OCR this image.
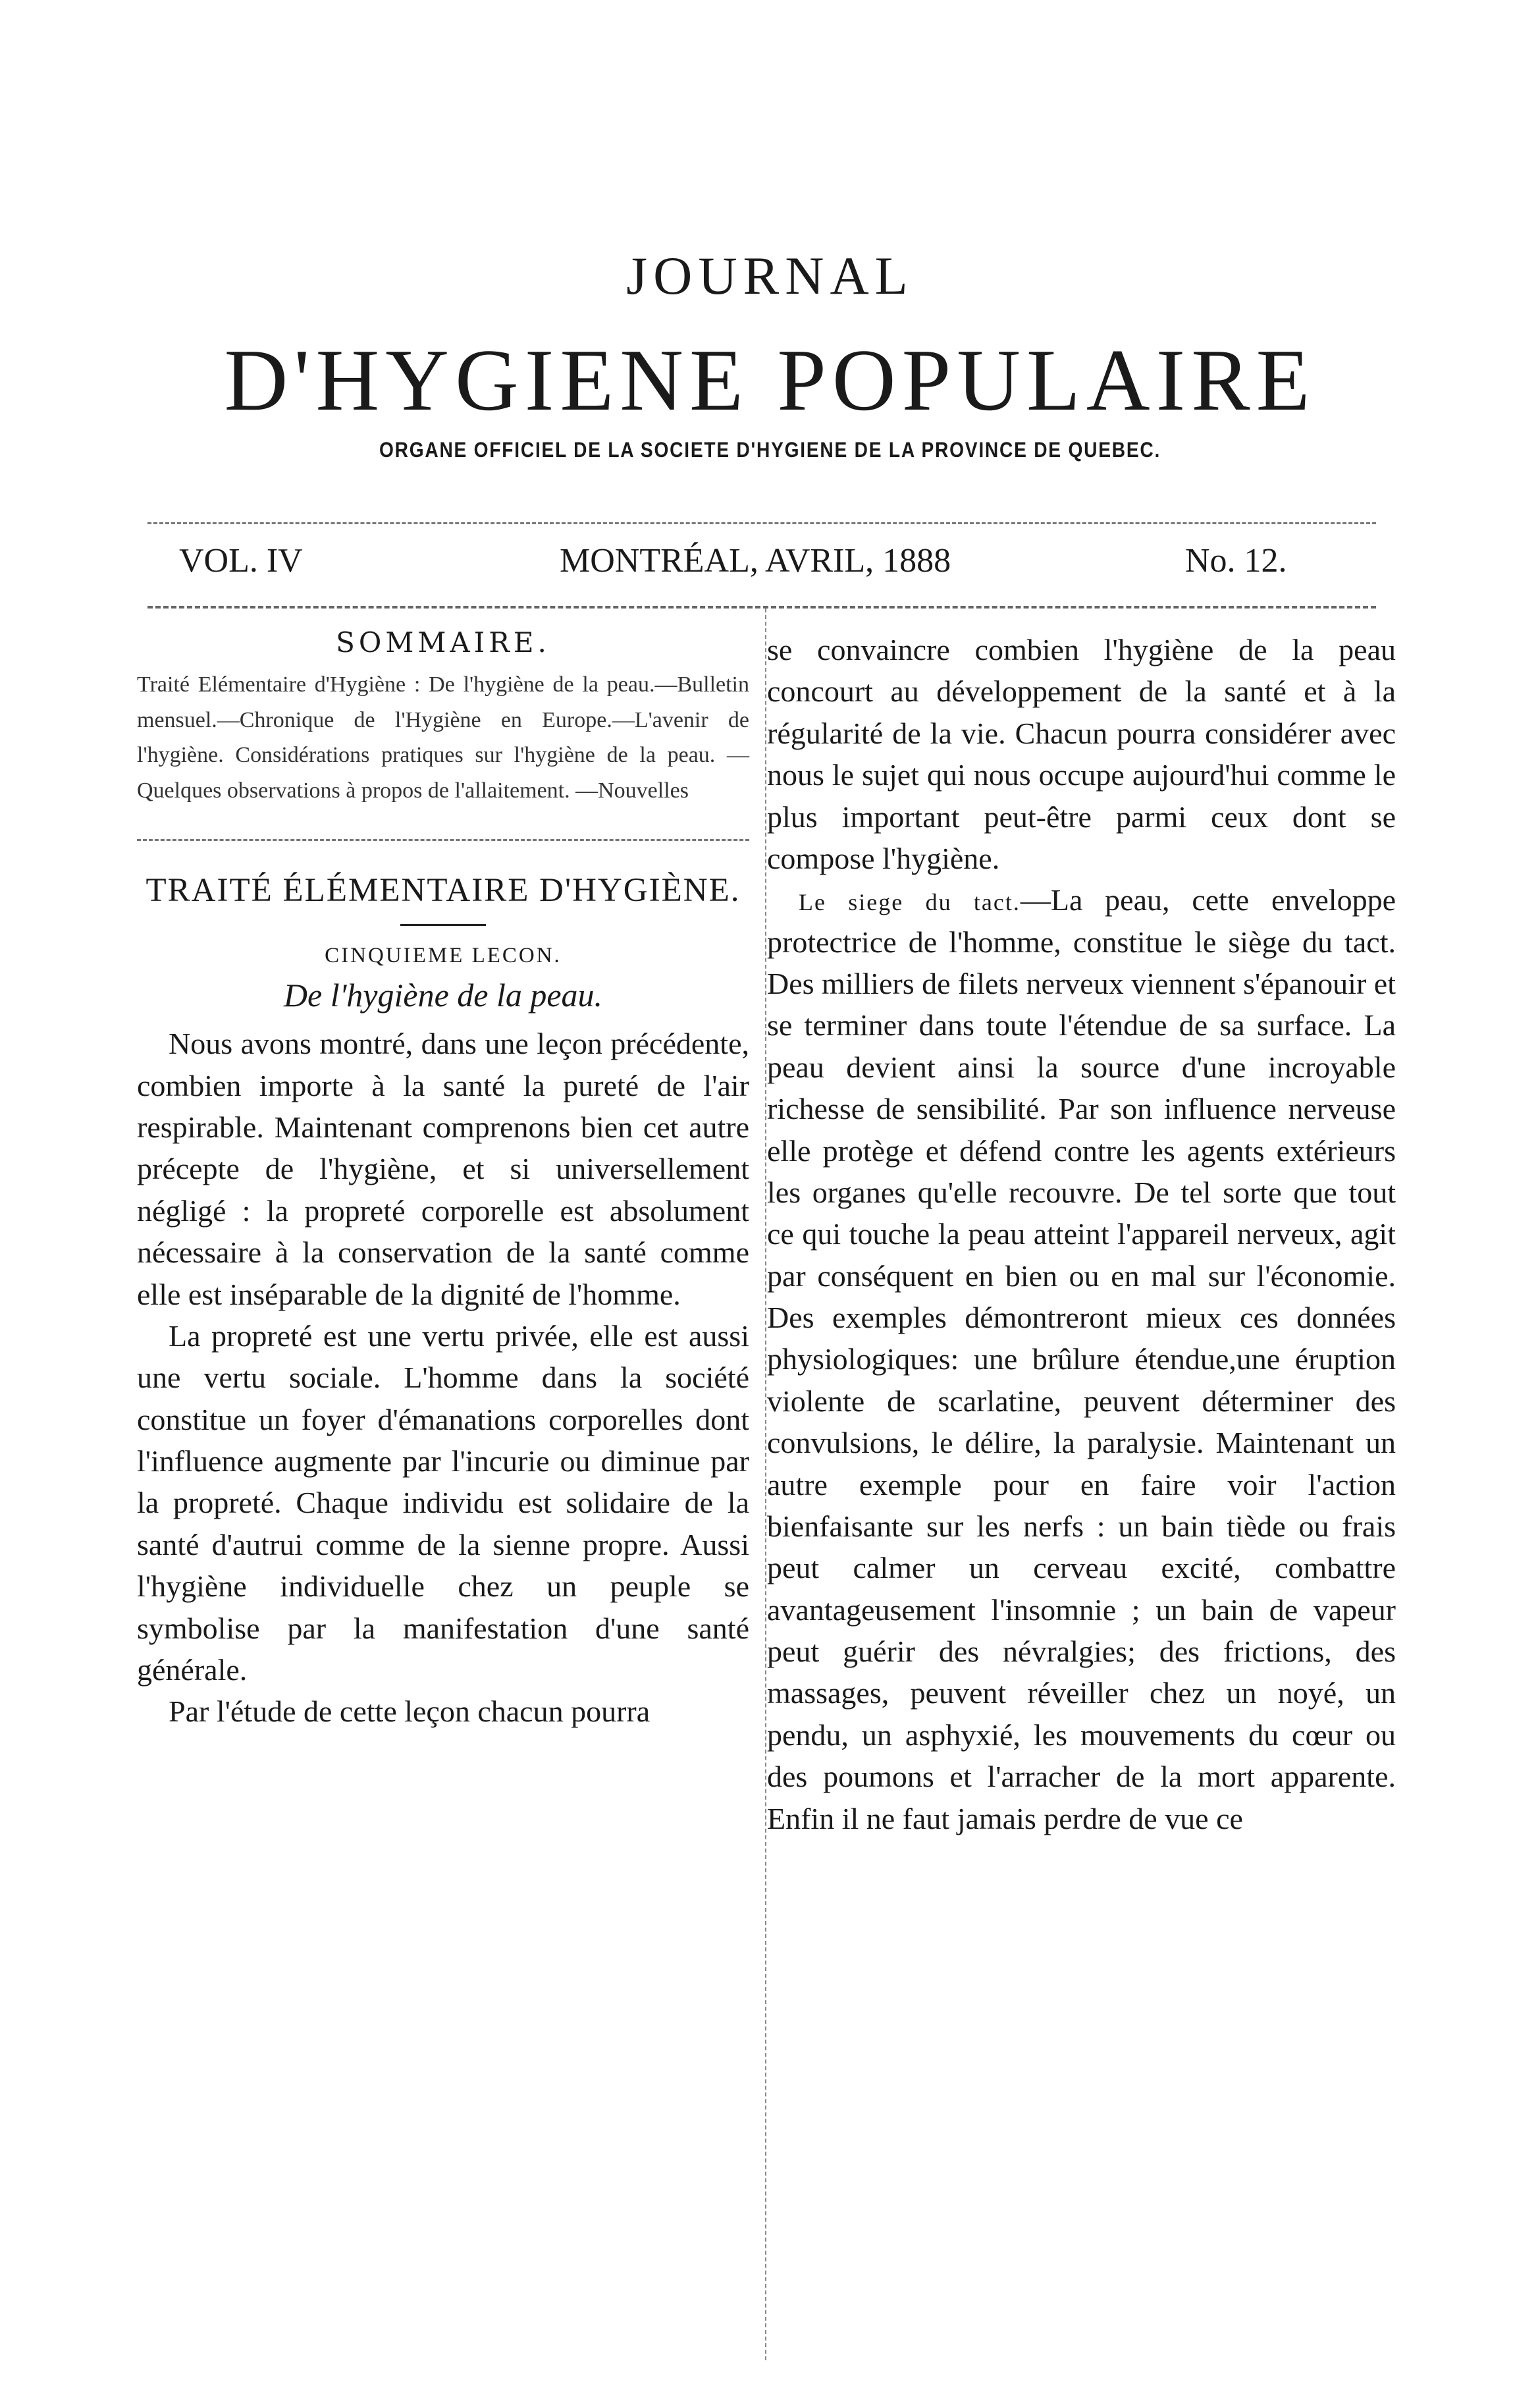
JOURNAL
D'HYGIENE POPULAIRE
ORGANE OFFICIEL DE LA SOCIETE D'HYGIENE DE LA PROVINCE DE QUEBEC.
VOL. IV	MONTRÉAL, AVRIL, 1888	No. 12.
SOMMAIRE.
Traité Elémentaire d'Hygiène : De l'hygiène de la peau.—Bulletin mensuel.—Chronique de l'Hygiène en Europe.—L'avenir de l'hygiène. Considérations pratiques sur l'hygiène de la peau. — Quelques observations à propos de l'allaitement. —Nouvelles
TRAITÉ ÉLÉMENTAIRE D'HYGIÈNE.
CINQUIEME LECON.
De l'hygiène de la peau.

Nous avons montré, dans une leçon précédente, combien importe à la santé la pureté de l'air respirable. Maintenant comprenons bien cet autre précepte de l'hygiène, et si universellement négligé : la propreté corporelle est absolument nécessaire à la conservation de la santé comme elle est inséparable de la dignité de l'homme.

La propreté est une vertu privée, elle est aussi une vertu sociale. L'homme dans la société constitue un foyer d'émanations corporelles dont l'influence augmente par l'incurie ou diminue par la propreté. Chaque individu est solidaire de la santé d'autrui comme de la sienne propre. Aussi l'hygiène individuelle chez un peuple se symbolise par la manifestation d'une santé générale.

Par l'étude de cette leçon chacun pourra

se convaincre combien l'hygiène de la peau concourt au développement de la santé et à la régularité de la vie. Chacun pourra considérer avec nous le sujet qui nous occupe aujourd'hui comme le plus important peut-être parmi ceux dont se compose l'hygiène.

Le siege du tact.—La peau, cette enveloppe protectrice de l'homme, constitue le siège du tact. Des milliers de filets nerveux viennent s'épanouir et se terminer dans toute l'étendue de sa surface. La peau devient ainsi la source d'une incroyable richesse de sensibilité. Par son influence nerveuse elle protège et défend contre les agents extérieurs les organes qu'elle recouvre. De tel sorte que tout ce qui touche la peau atteint l'appareil nerveux, agit par conséquent en bien ou en mal sur l'économie. Des exemples démontreront mieux ces données physiologiques: une brûlure étendue,une éruption violente de scarlatine, peuvent déterminer des convulsions, le délire, la paralysie. Maintenant un autre exemple pour en faire voir l'action bienfaisante sur les nerfs : un bain tiède ou frais peut calmer un cerveau excité, combattre avantageusement l'insomnie ; un bain de vapeur peut guérir des névralgies; des frictions, des massages, peuvent réveiller chez un noyé, un pendu, un asphyxié, les mouvements du cœur ou des poumons et l'arracher de la mort apparente. Enfin il ne faut jamais perdre de vue ce
